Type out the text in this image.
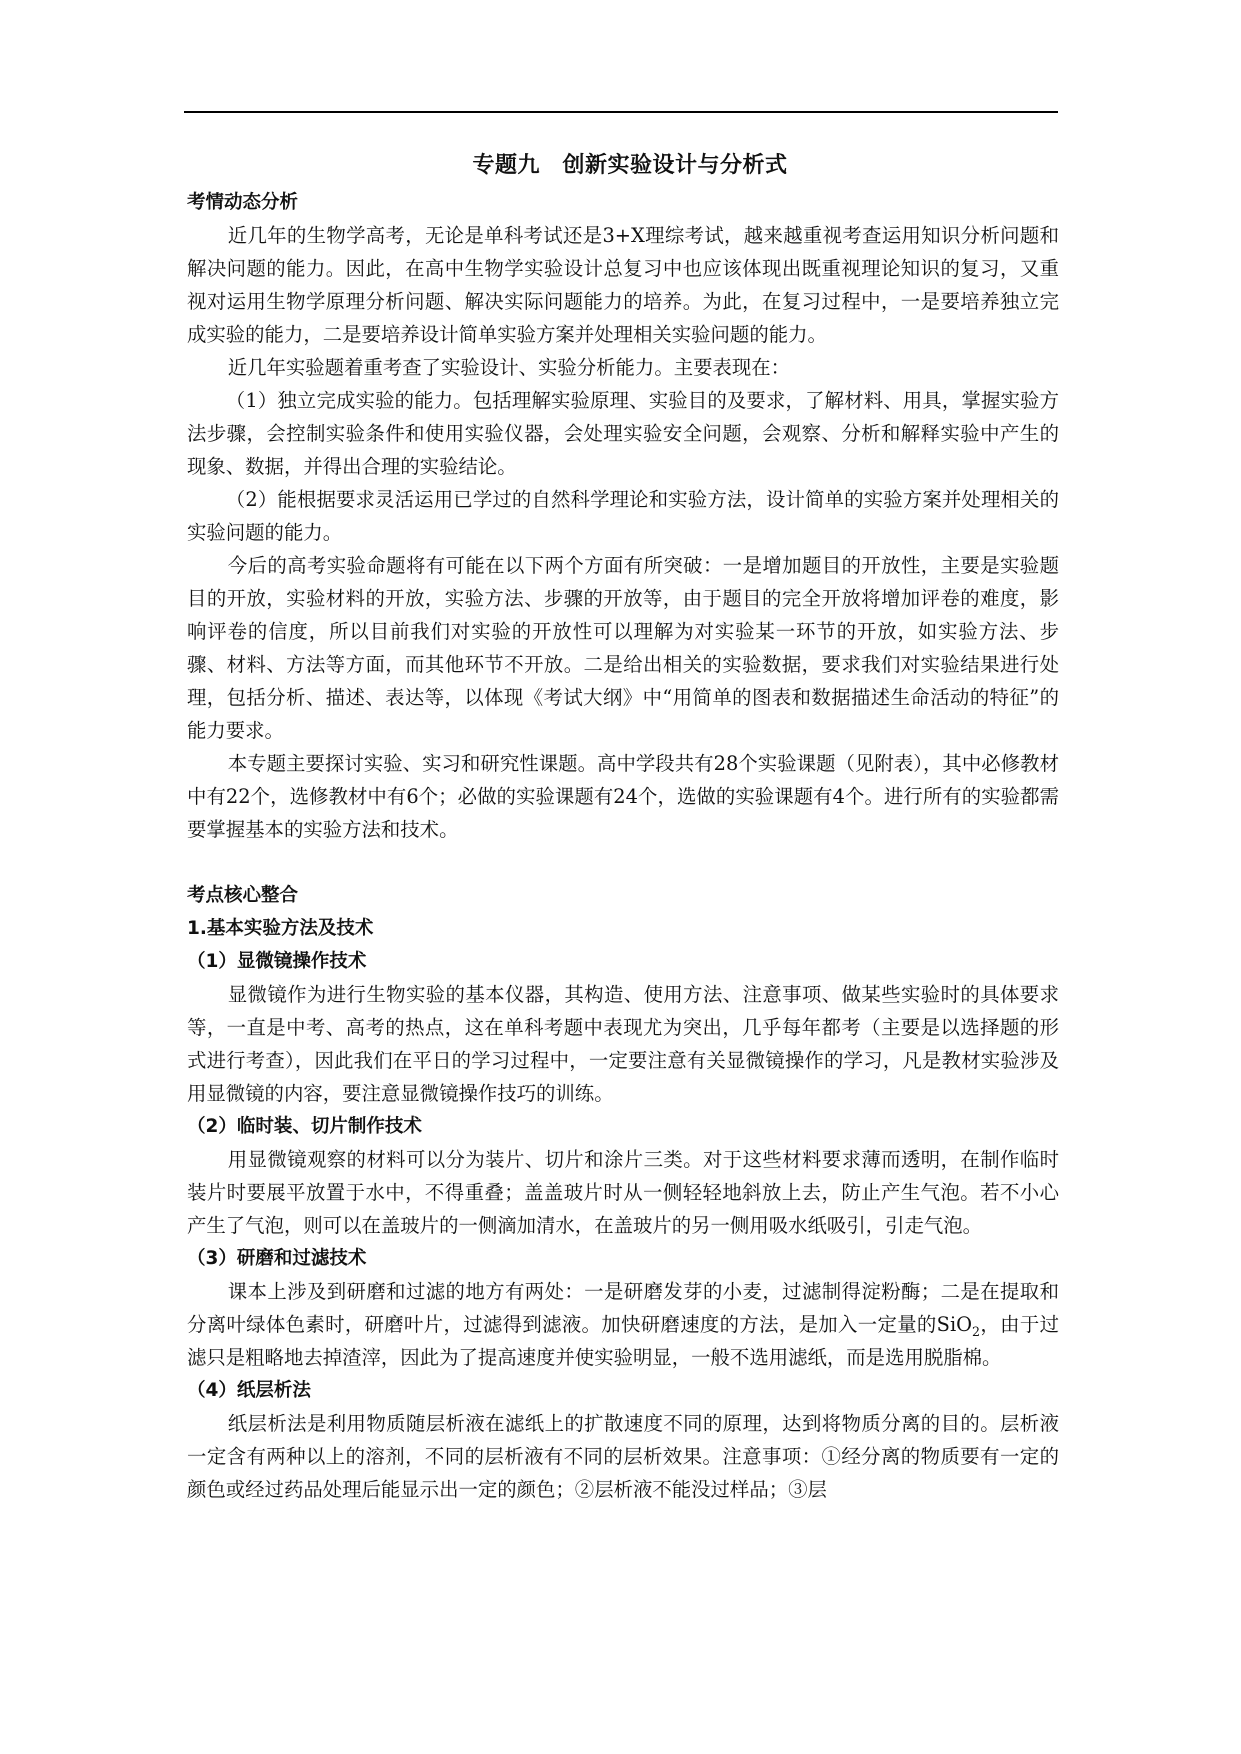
专题九　创新实验设计与分析式
考情动态分析

近几年的生物学高考，无论是单科考试还是3+X理综考试，越来越重视考查运用知识分析问题和解决问题的能力。因此，在高中生物学实验设计总复习中也应该体现出既重视理论知识的复习，又重视对运用生物学原理分析问题、解决实际问题能力的培养。为此，在复习过程中，一是要培养独立完成实验的能力，二是要培养设计简单实验方案并处理相关实验问题的能力。

近几年实验题着重考查了实验设计、实验分析能力。主要表现在：

（1）独立完成实验的能力。包括理解实验原理、实验目的及要求，了解材料、用具，掌握实验方法步骤，会控制实验条件和使用实验仪器，会处理实验安全问题，会观察、分析和解释实验中产生的现象、数据，并得出合理的实验结论。

（2）能根据要求灵活运用已学过的自然科学理论和实验方法，设计简单的实验方案并处理相关的实验问题的能力。

今后的高考实验命题将有可能在以下两个方面有所突破：一是增加题目的开放性，主要是实验题目的开放，实验材料的开放，实验方法、步骤的开放等，由于题目的完全开放将增加评卷的难度，影响评卷的信度，所以目前我们对实验的开放性可以理解为对实验某一环节的开放，如实验方法、步骤、材料、方法等方面，而其他环节不开放。二是给出相关的实验数据，要求我们对实验结果进行处理，包括分析、描述、表达等，以体现《考试大纲》中“用简单的图表和数据描述生命活动的特征”的能力要求。

本专题主要探讨实验、实习和研究性课题。高中学段共有28个实验课题（见附表），其中必修教材中有22个，选修教材中有6个；必做的实验课题有24个，选做的实验课题有4个。进行所有的实验都需要掌握基本的实验方法和技术。

考点核心整合
1.基本实验方法及技术
（1）显微镜操作技术

显微镜作为进行生物实验的基本仪器，其构造、使用方法、注意事项、做某些实验时的具体要求等，一直是中考、高考的热点，这在单科考题中表现尤为突出，几乎每年都考（主要是以选择题的形式进行考查），因此我们在平日的学习过程中，一定要注意有关显微镜操作的学习，凡是教材实验涉及用显微镜的内容，要注意显微镜操作技巧的训练。

（2）临时装、切片制作技术

用显微镜观察的材料可以分为装片、切片和涂片三类。对于这些材料要求薄而透明，在制作临时装片时要展平放置于水中，不得重叠；盖盖玻片时从一侧轻轻地斜放上去，防止产生气泡。若不小心产生了气泡，则可以在盖玻片的一侧滴加清水，在盖玻片的另一侧用吸水纸吸引，引走气泡。

（3）研磨和过滤技术

课本上涉及到研磨和过滤的地方有两处：一是研磨发芽的小麦，过滤制得淀粉酶；二是在提取和分离叶绿体色素时，研磨叶片，过滤得到滤液。加快研磨速度的方法，是加入一定量的SiO$_2$，由于过滤只是粗略地去掉渣滓，因此为了提高速度并使实验明显，一般不选用滤纸，而是选用脱脂棉。

（4）纸层析法

纸层析法是利用物质随层析液在滤纸上的扩散速度不同的原理，达到将物质分离的目的。层析液一定含有两种以上的溶剂，不同的层析液有不同的层析效果。注意事项：①经分离的物质要有一定的颜色或经过药品处理后能显示出一定的颜色；②层析液不能没过样品；③层
